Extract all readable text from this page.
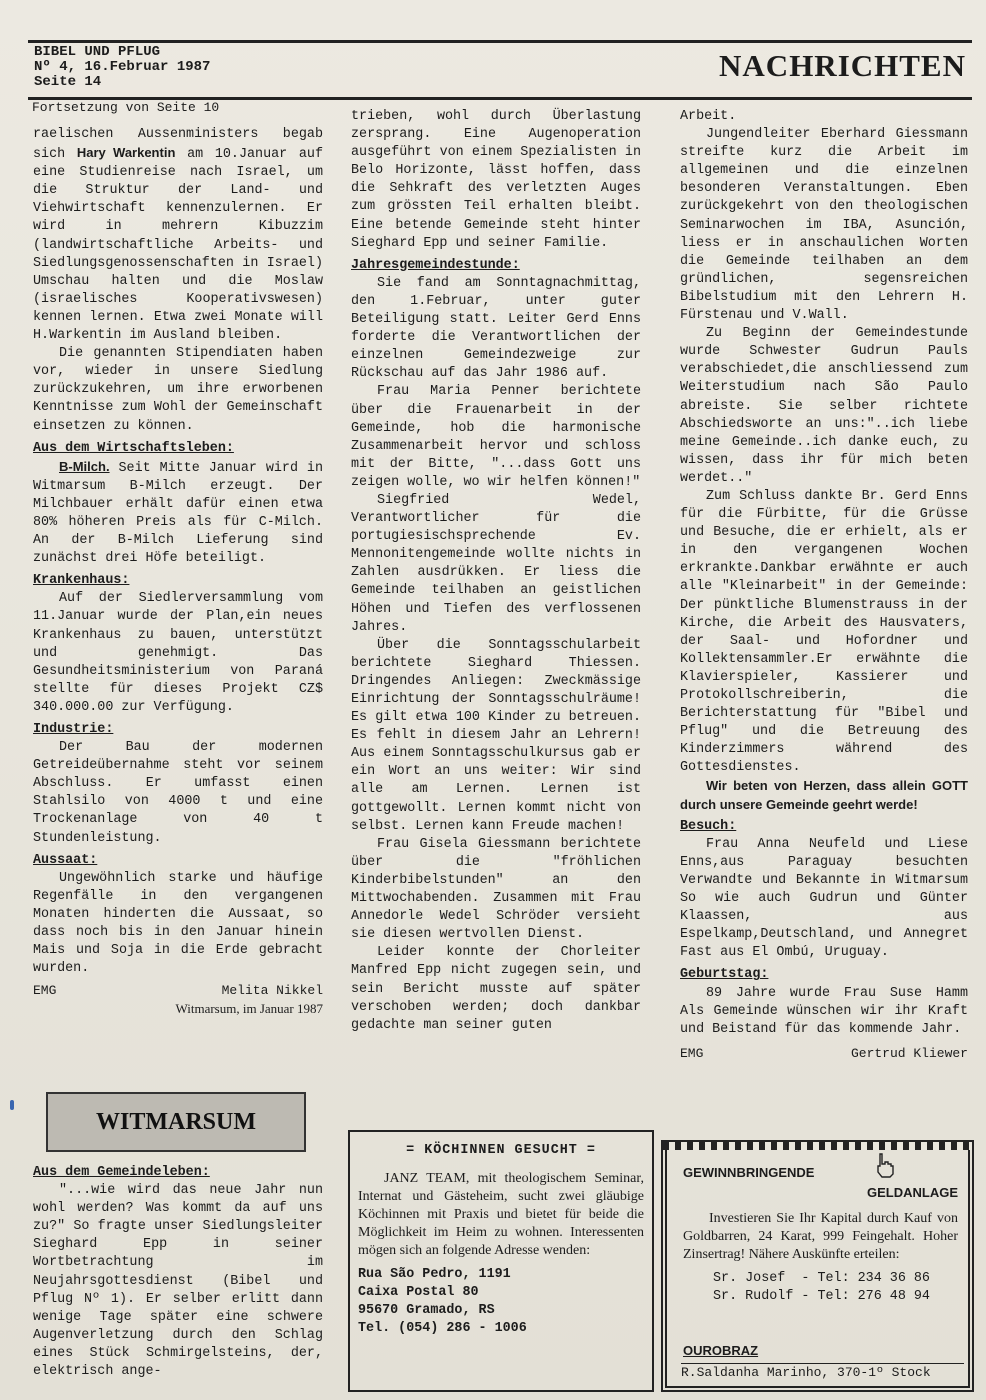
BIBEL UND PFLUG
Nº 4, 16.Februar 1987
Seite 14	NACHRICHTEN
Fortsetzung von Seite 10

raelischen Aussenministers begab sich Hary Warkentin am 10.Januar auf eine Studienreise nach Israel, um die Struktur der Land- und Viehwirtschaft kennenzulernen. Er wird in mehrern Kibuzzim (landwirtschaftliche Arbeits- und Siedlungsgenossenschaften in Israel) Umschau halten und die Moslaw (israelisches Kooperativswesen) kennen lernen. Etwa zwei Monate will H.Warkentin im Ausland bleiben.

Die genannten Stipendiaten haben vor, wieder in unsere Siedlung zurückzukehren, um ihre erworbenen Kenntnisse zum Wohl der Gemeinschaft einsetzen zu können.

Aus dem Wirtschaftsleben:

B-Milch. Seit Mitte Januar wird in Witmarsum B-Milch erzeugt. Der Milchbauer erhält dafür einen etwa 80% höheren Preis als für C-Milch. An der B-Milch Lieferung sind zunächst drei Höfe beteiligt.

Krankenhaus:

Auf der Siedlerversammlung vom 11.Januar wurde der Plan,ein neues Krankenhaus zu bauen, unterstützt und genehmigt. Das Gesundheitsministerium von Paraná stellte für dieses Projekt CZ$ 340.000.00 zur Verfügung.

Industrie:

Der Bau der modernen Getreideübernahme steht vor seinem Abschluss. Er umfasst einen Stahlsilo von 4000 t und eine Trockenanlage von 40 t Stundenleistung.

Aussaat:

Ungewöhnlich starke und häufige Regenfälle in den vergangenen Monaten hinderten die Aussaat, so dass noch bis in den Januar hinein Mais und Soja in die Erde gebracht wurden.

EMG	Melita Nikkel
Witmarsum, im Januar 1987
WITMARSUM
Aus dem Gemeindeleben:

"...wie wird das neue Jahr nun wohl werden? Was kommt da auf uns zu?" So fragte unser Siedlungsleiter Sieghard Epp in seiner Wortbetrachtung im Neujahrsgottesdienst (Bibel und Pflug Nº 1). Er selber erlitt dann wenige Tage später eine schwere Augenverletzung durch den Schlag eines Stück Schmirgelsteins, der, elektrisch ange-

trieben, wohl durch Überlastung zersprang. Eine Augenoperation ausgeführt von einem Spezialisten in Belo Horizonte, lässt hoffen, dass die Sehkraft des verletzten Auges zum grössten Teil erhalten bleibt. Eine betende Gemeinde steht hinter Sieghard Epp und seiner Familie.

Jahresgemeindestunde:

Sie fand am Sonntagnachmittag, den 1.Februar, unter guter Beteiligung statt. Leiter Gerd Enns forderte die Verantwortlichen der einzelnen Gemeindezweige zur Rückschau auf das Jahr 1986 auf.

Frau Maria Penner berichtete über die Frauenarbeit in der Gemeinde, hob die harmonische Zusammenarbeit hervor und schloss mit der Bitte, "...dass Gott uns zeigen wolle, wo wir helfen können!"

Siegfried Wedel, Verantwortlicher für die portugiesischsprechende Ev. Mennonitengemeinde wollte nichts in Zahlen ausdrükken. Er liess die Gemeinde teilhaben an geistlichen Höhen und Tiefen des verflossenen Jahres.

Über die Sonntagsschularbeit berichtete Sieghard Thiessen. Dringendes Anliegen: Zweckmässige Einrichtung der Sonntagsschulräume! Es gilt etwa 100 Kinder zu betreuen. Es fehlt in diesem Jahr an Lehrern! Aus einem Sonntagsschulkursus gab er ein Wort an uns weiter: Wir sind alle am Lernen. Lernen ist gottgewollt. Lernen kommt nicht von selbst. Lernen kann Freude machen!

Frau Gisela Giessmann berichtete über die "fröhlichen Kinderbibelstunden" an den Mittwochabenden. Zusammen mit Frau Annedorle Wedel Schröder versieht sie diesen wertvollen Dienst.

Leider konnte der Chorleiter Manfred Epp nicht zugegen sein, und sein Bericht musste auf später verschoben werden; doch dankbar gedachte man seiner guten

Arbeit.

Jungendleiter Eberhard Giessmann streifte kurz die Arbeit im allgemeinen und die einzelnen besonderen Veranstaltungen. Eben zurückgekehrt von den theologischen Seminarwochen im IBA, Asunción, liess er in anschaulichen Worten die Gemeinde teilhaben an dem gründlichen, segensreichen Bibelstudium mit den Lehrern H. Fürstenau und V.Wall.

Zu Beginn der Gemeindestunde wurde Schwester Gudrun Pauls verabschiedet,die anschliessend zum Weiterstudium nach São Paulo abreiste. Sie selber richtete Abschiedsworte an uns:"..ich liebe meine Gemeinde..ich danke euch, zu wissen, dass ihr für mich beten werdet.."

Zum Schluss dankte Br. Gerd Enns für die Fürbitte, für die Grüsse und Besuche, die er erhielt, als er in den vergangenen Wochen erkrankte.Dankbar erwähnte er auch alle "Kleinarbeit" in der Gemeinde: Der pünktliche Blumenstrauss in der Kirche, die Arbeit des Hausvaters, der Saal- und Hofordner und Kollektensammler.Er erwähnte die Klavierspieler, Kassierer und Protokollschreiberin, die Berichterstattung für "Bibel und Pflug" und die Betreuung des Kinderzimmers während des Gottesdienstes.

Wir beten von Herzen, dass allein GOTT durch unsere Gemeinde geehrt werde!

Besuch:

Frau Anna Neufeld und Liese Enns,aus Paraguay besuchten Verwandte und Bekannte in Witmarsum So wie auch Gudrun und Günter Klaassen, aus Espelkamp,Deutschland, und Annegret Fast aus El Ombú, Uruguay.

Geburtstag:

89 Jahre wurde Frau Suse Hamm Als Gemeinde wünschen wir ihr Kraft und Beistand für das kommende Jahr.

EMG	Gertrud Kliewer
= KÖCHINNEN GESUCHT =
JANZ TEAM, mit theologischem Seminar, Internat und Gästeheim, sucht zwei gläubige Köchinnen mit Praxis und bietet für beide die Möglichkeit im Heim zu wohnen. Interessenten mögen sich an folgende Adresse wenden:
Rua São Pedro, 1191
Caixa Postal 80
95670 Gramado, RS
Tel. (054) 286 - 1006
GEWINNBRINGENDE
GELDANLAGE
Investieren Sie Ihr Kapital durch Kauf von Goldbarren, 24 Karat, 999 Feingehalt. Hoher Zinsertrag! Nähere Auskünfte erteilen:
Sr. Josef  - Tel: 234 36 86
Sr. Rudolf - Tel: 276 48 94
OUROBRAZ
R.Saldanha Marinho, 370-1º Stock
